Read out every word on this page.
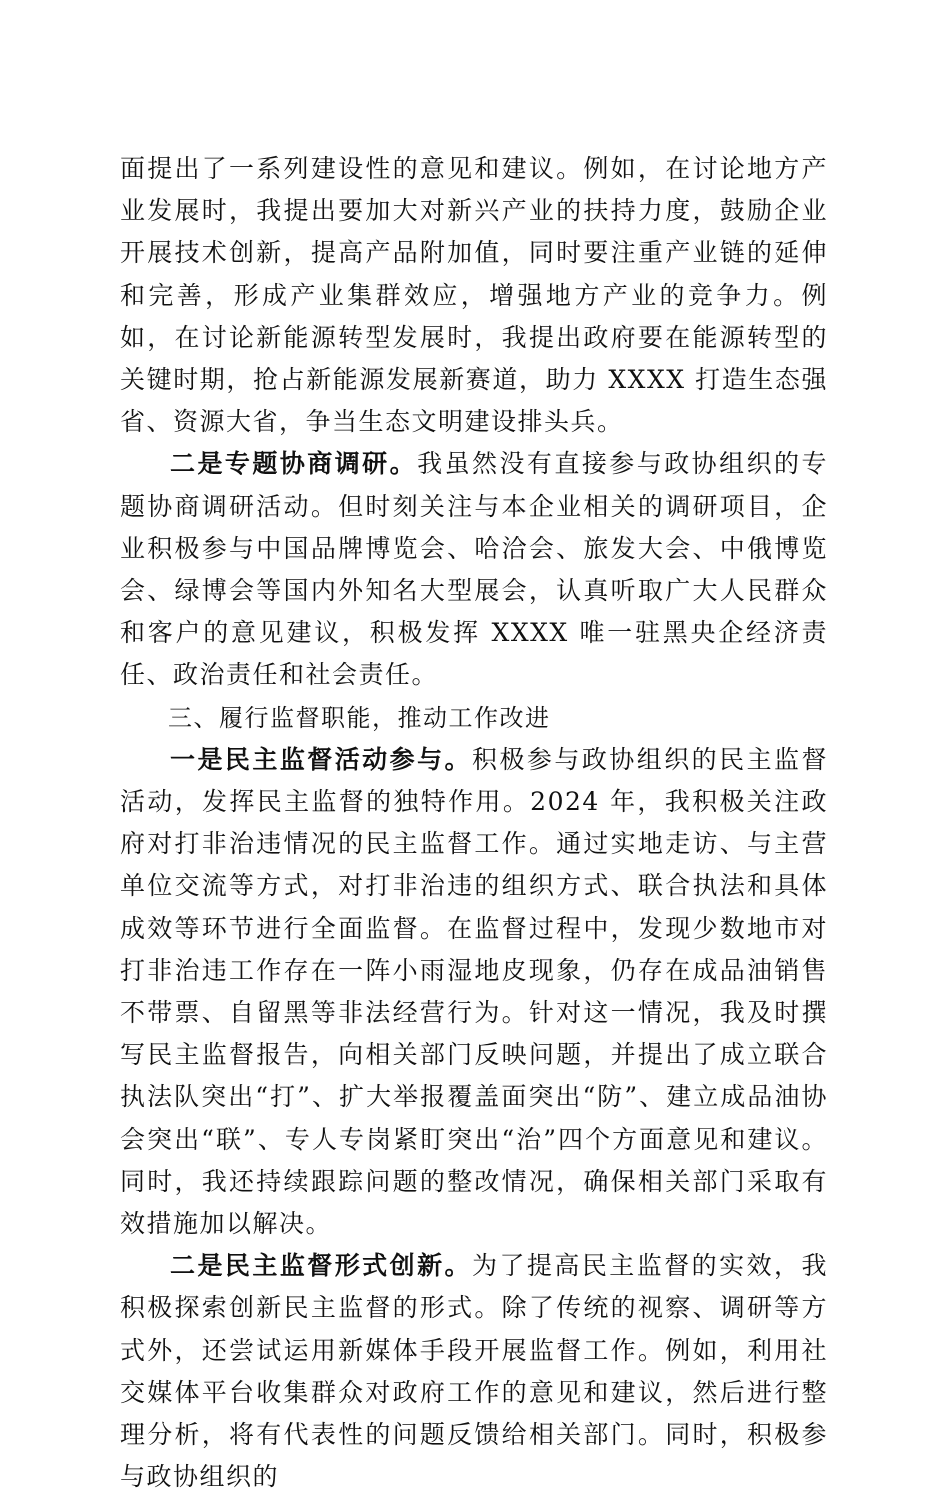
面提出了一系列建设性的意见和建议。例如，在讨论地方产业发展时，我提出要加大对新兴产业的扶持力度，鼓励企业开展技术创新，提高产品附加值，同时要注重产业链的延伸和完善，形成产业集群效应，增强地方产业的竞争力。例如，在讨论新能源转型发展时，我提出政府要在能源转型的关键时期，抢占新能源发展新赛道，助力 XXXX 打造生态强省、资源大省，争当生态文明建设排头兵。

二是专题协商调研。我虽然没有直接参与政协组织的专题协商调研活动。但时刻关注与本企业相关的调研项目，企业积极参与中国品牌博览会、哈洽会、旅发大会、中俄博览会、绿博会等国内外知名大型展会，认真听取广大人民群众和客户的意见建议，积极发挥 XXXX 唯一驻黑央企经济责任、政治责任和社会责任。

三、履行监督职能，推动工作改进

一是民主监督活动参与。积极参与政协组织的民主监督活动，发挥民主监督的独特作用。2024 年，我积极关注政府对打非治违情况的民主监督工作。通过实地走访、与主营单位交流等方式，对打非治违的组织方式、联合执法和具体成效等环节进行全面监督。在监督过程中，发现少数地市对打非治违工作存在一阵小雨湿地皮现象，仍存在成品油销售不带票、自留黑等非法经营行为。针对这一情况，我及时撰写民主监督报告，向相关部门反映问题，并提出了成立联合执法队突出“打”、扩大举报覆盖面突出“防”、建立成品油协会突出“联”、专人专岗紧盯突出“治”四个方面意见和建议。同时，我还持续跟踪问题的整改情况，确保相关部门采取有效措施加以解决。

二是民主监督形式创新。为了提高民主监督的实效，我积极探索创新民主监督的形式。除了传统的视察、调研等方式外，还尝试运用新媒体手段开展监督工作。例如，利用社交媒体平台收集群众对政府工作的意见和建议，然后进行整理分析，将有代表性的问题反馈给相关部门。同时，积极参与政协组织的
